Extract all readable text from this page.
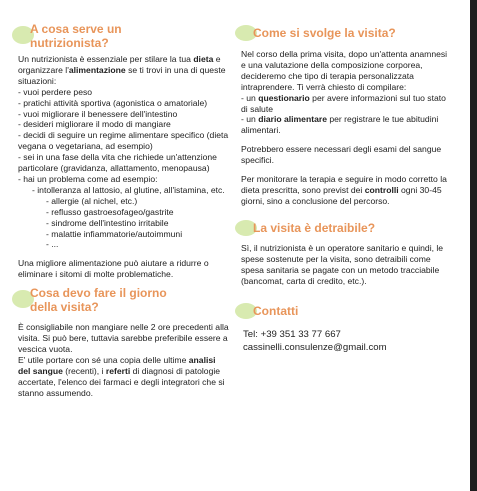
A cosa serve un
nutrizionista?

Un nutrizionista è essenziale per stilare la tua dieta e organizzare l'alimentazione se ti trovi in una di queste situazioni:

- vuoi perdere peso

- pratichi attività sportiva (agonistica o amatoriale)

- vuoi migliorare il benessere dell'intestino

- desideri migliorare il modo di mangiare

- decidi di seguire un regime alimentare specifico (dieta vegana o vegetariana, ad esempio)

- sei in una fase della vita che richiede un'attenzione particolare (gravidanza, allattamento, menopausa)

- hai un problema come ad esempio:

- intolleranza al lattosio, al glutine, all'istamina, etc.

- allergie (al nichel, etc.)

- reflusso gastroesofageo/gastrite

- sindrome dell'intestino irritabile

- malattie infiammatorie/autoimmuni

- ...

Una migliore alimentazione può aiutare a ridurre o eliminare i sitomi di molte problematiche.

Cosa devo fare il giorno
della visita?

È consigliabile non mangiare nelle 2 ore precedenti alla visita. Si può bere, tuttavia sarebbe preferibile essere a vescica vuota.

E' utile portare con sé una copia delle ultime analisi del sangue (recenti), i referti di diagnosi di patologie accertate, l'elenco dei farmaci e degli integratori che si stanno assumendo.

Come si svolge la visita?

Nel corso della prima visita, dopo un'attenta anamnesi e una valutazione della composizione corporea, decideremo che tipo di terapia personalizzata intraprendere. Ti verrà chiesto di compilare:

- un questionario per avere informazioni sul tuo stato di salute

- un diario alimentare per registrare le tue abitudini alimentari.

Potrebbero essere necessari degli esami del sangue specifici.

Per monitorare la terapia e seguire in modo corretto la dieta prescritta, sono previst dei controlli ogni 30-45 giorni, sino a conclusione del percorso.

La visita è detraibile?

Sì, il nutrizionista è un operatore sanitario e quindi, le spese sostenute per la visita, sono detraibili come spesa sanitaria se pagate con un metodo tracciabile (bancomat, carta di credito, etc.).

Contatti

Tel: +39 351 33 77 667

cassinelli.consulenze@gmail.com
